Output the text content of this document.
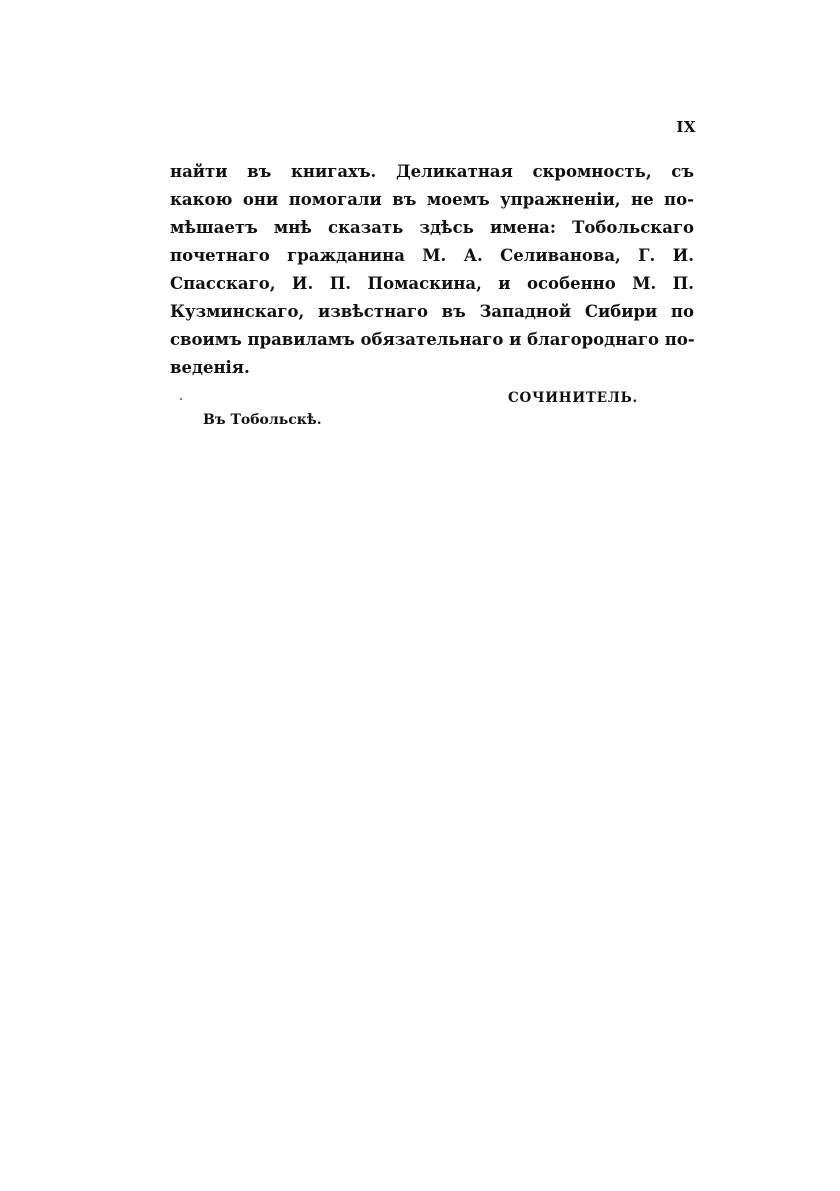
IX

найти въ книгахъ. Деликатная скромность, съ
какою они помогали въ моемъ упражненіи, не по-
мѣшаетъ мнѣ сказать здѣсь имена: Тобольскаго
почетнаго гражданина М. А. Селиванова, Г. И.
Спасскаго, И. П. Помаскина, и особенно М. П.
Кузминскаго, извѣстнаго въ Западной Сибири по
своимъ правиламъ обязательнаго и благороднаго по-
веденія.

СОЧИНИТЕЛЬ.
Въ Тобольскѣ.
